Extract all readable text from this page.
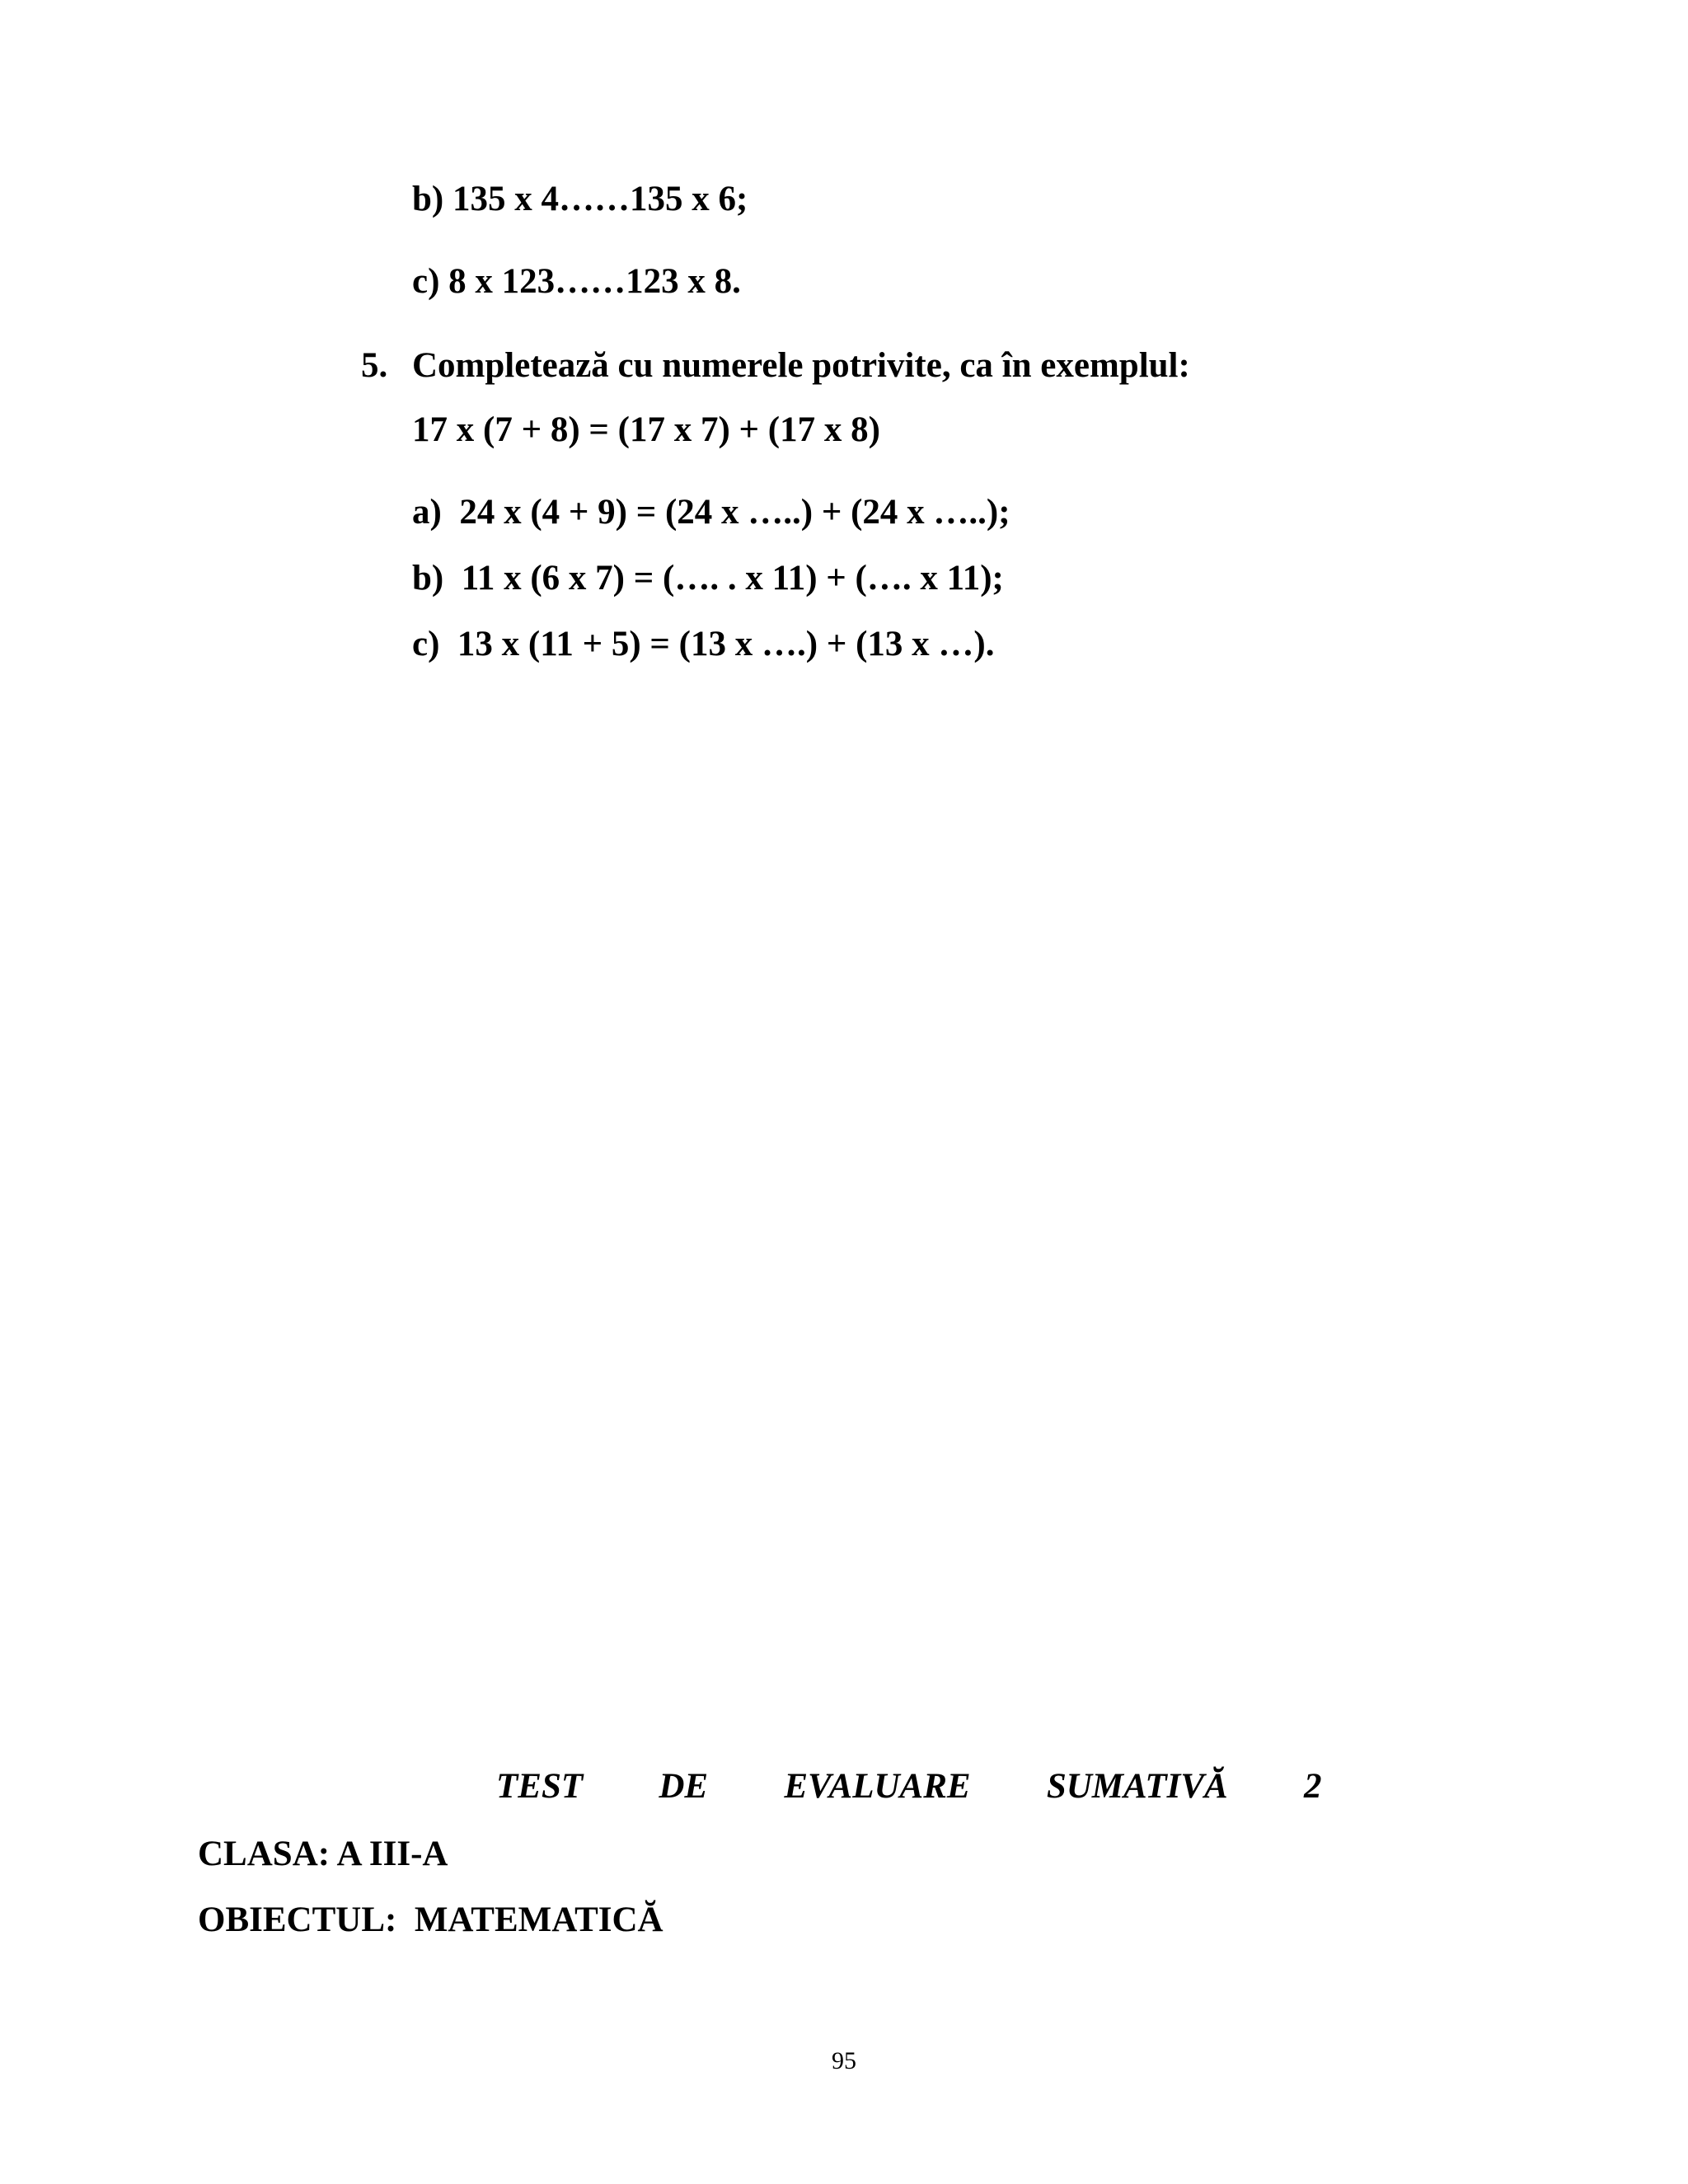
b) 135 x 4……135 x 6;
c) 8 x 123……123 x 8.
5. Completează cu numerele potrivite, ca în exemplul:
17 x (7 + 8) = (17 x 7) + (17 x 8)
a)  24 x (4 + 9) = (24 x …..) + (24 x …..);
b)  11 x (6 x 7) = (…. . x 11) + (…. x 11);
c)  13 x (11 + 5) = (13 x ….) + (13 x …).
TEST   DE   EVALUARE   SUMATIVĂ   2
CLASA: A III-A
OBIECTUL:  MATEMATICĂ
95
